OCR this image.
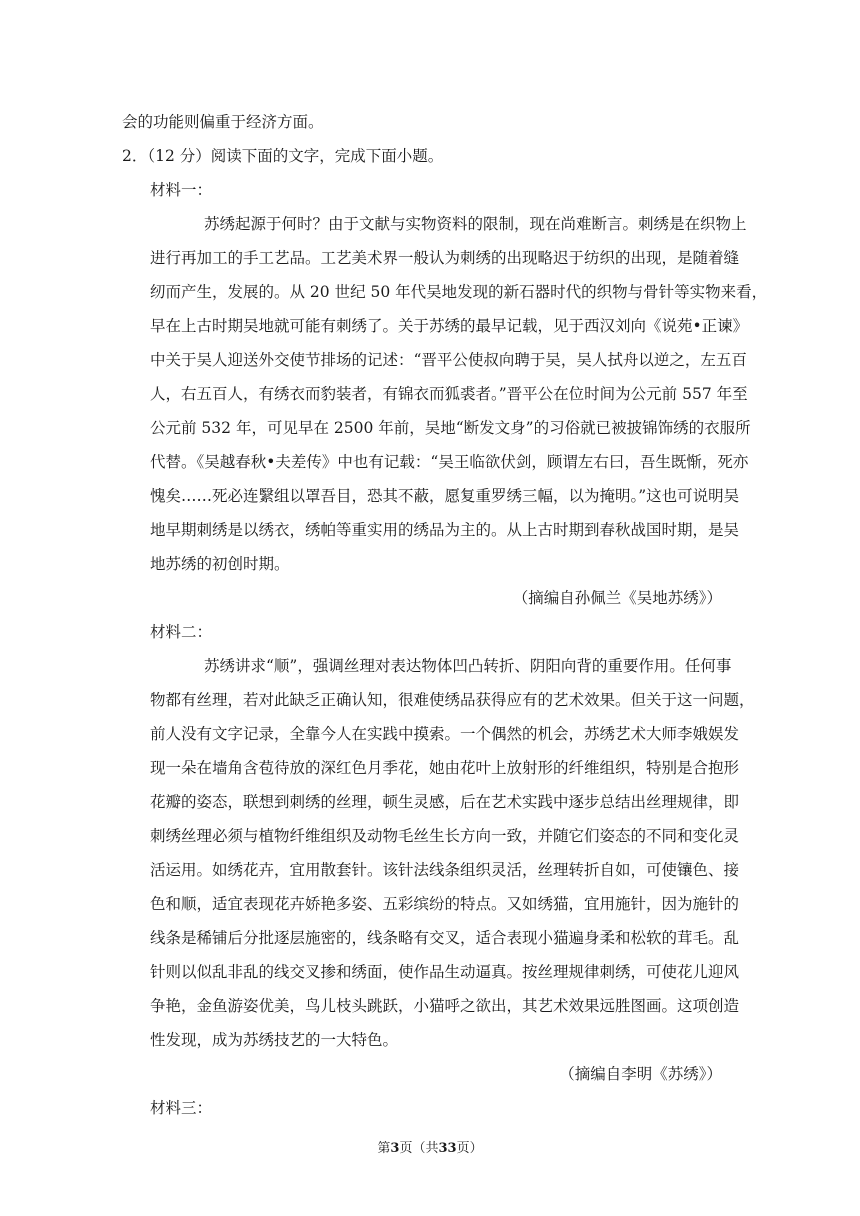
会的功能则偏重于经济方面。
2．（12 分）阅读下面的文字，完成下面小题。
材料一：
苏绣起源于何时？由于文献与实物资料的限制，现在尚难断言。刺绣是在织物上
进行再加工的手工艺品。工艺美术界一般认为刺绣的出现略迟于纺织的出现，是随着缝
纫而产生，发展的。从 20 世纪 50 年代吴地发现的新石器时代的织物与骨针等实物来看，
早在上古时期吴地就可能有刺绣了。关于苏绣的最早记载，见于西汉刘向《说苑•正谏》
中关于吴人迎送外交使节排场的记述：“晋平公使叔向聘于吴，吴人拭舟以逆之，左五百
人，右五百人，有绣衣而豹装者，有锦衣而狐裘者。”晋平公在位时间为公元前 557 年至
公元前 532 年，可见早在 2500 年前，吴地“断发文身”的习俗就已被披锦饰绣的衣服所
代替。《吴越春秋•夫差传》中也有记载：“吴王临欲伏剑，顾谓左右曰，吾生既惭，死亦
愧矣……死必连繄组以罩吾目，恐其不蔽，愿复重罗绣三幅，以为掩明。”这也可说明吴
地早期刺绣是以绣衣，绣帕等重实用的绣品为主的。从上古时期到春秋战国时期，是吴
地苏绣的初创时期。
（摘编自孙佩兰《吴地苏绣》）
材料二：
苏绣讲求“顺”，强调丝理对表达物体凹凸转折、阴阳向背的重要作用。任何事
物都有丝理，若对此缺乏正确认知，很难使绣品获得应有的艺术效果。但关于这一问题，
前人没有文字记录，全靠今人在实践中摸索。一个偶然的机会，苏绣艺术大师李娥娱发
现一朵在墙角含苞待放的深红色月季花，她由花叶上放射形的纤维组织，特别是合抱形
花瓣的姿态，联想到刺绣的丝理，顿生灵感，后在艺术实践中逐步总结出丝理规律，即
刺绣丝理必须与植物纤维组织及动物毛丝生长方向一致，并随它们姿态的不同和变化灵
活运用。如绣花卉，宜用散套针。该针法线条组织灵活，丝理转折自如，可使镶色、接
色和顺，适宜表现花卉娇艳多姿、五彩缤纷的特点。又如绣猫，宜用施针，因为施针的
线条是稀铺后分批逐层施密的，线条略有交叉，适合表现小猫遍身柔和松软的茸毛。乱
针则以似乱非乱的线交叉掺和绣面，使作品生动逼真。按丝理规律刺绣，可使花儿迎风
争艳，金鱼游姿优美，鸟儿枝头跳跃，小猫呼之欲出，其艺术效果远胜图画。这项创造
性发现，成为苏绣技艺的一大特色。
（摘编自李明《苏绣》）
材料三：
第3页（共33页）
